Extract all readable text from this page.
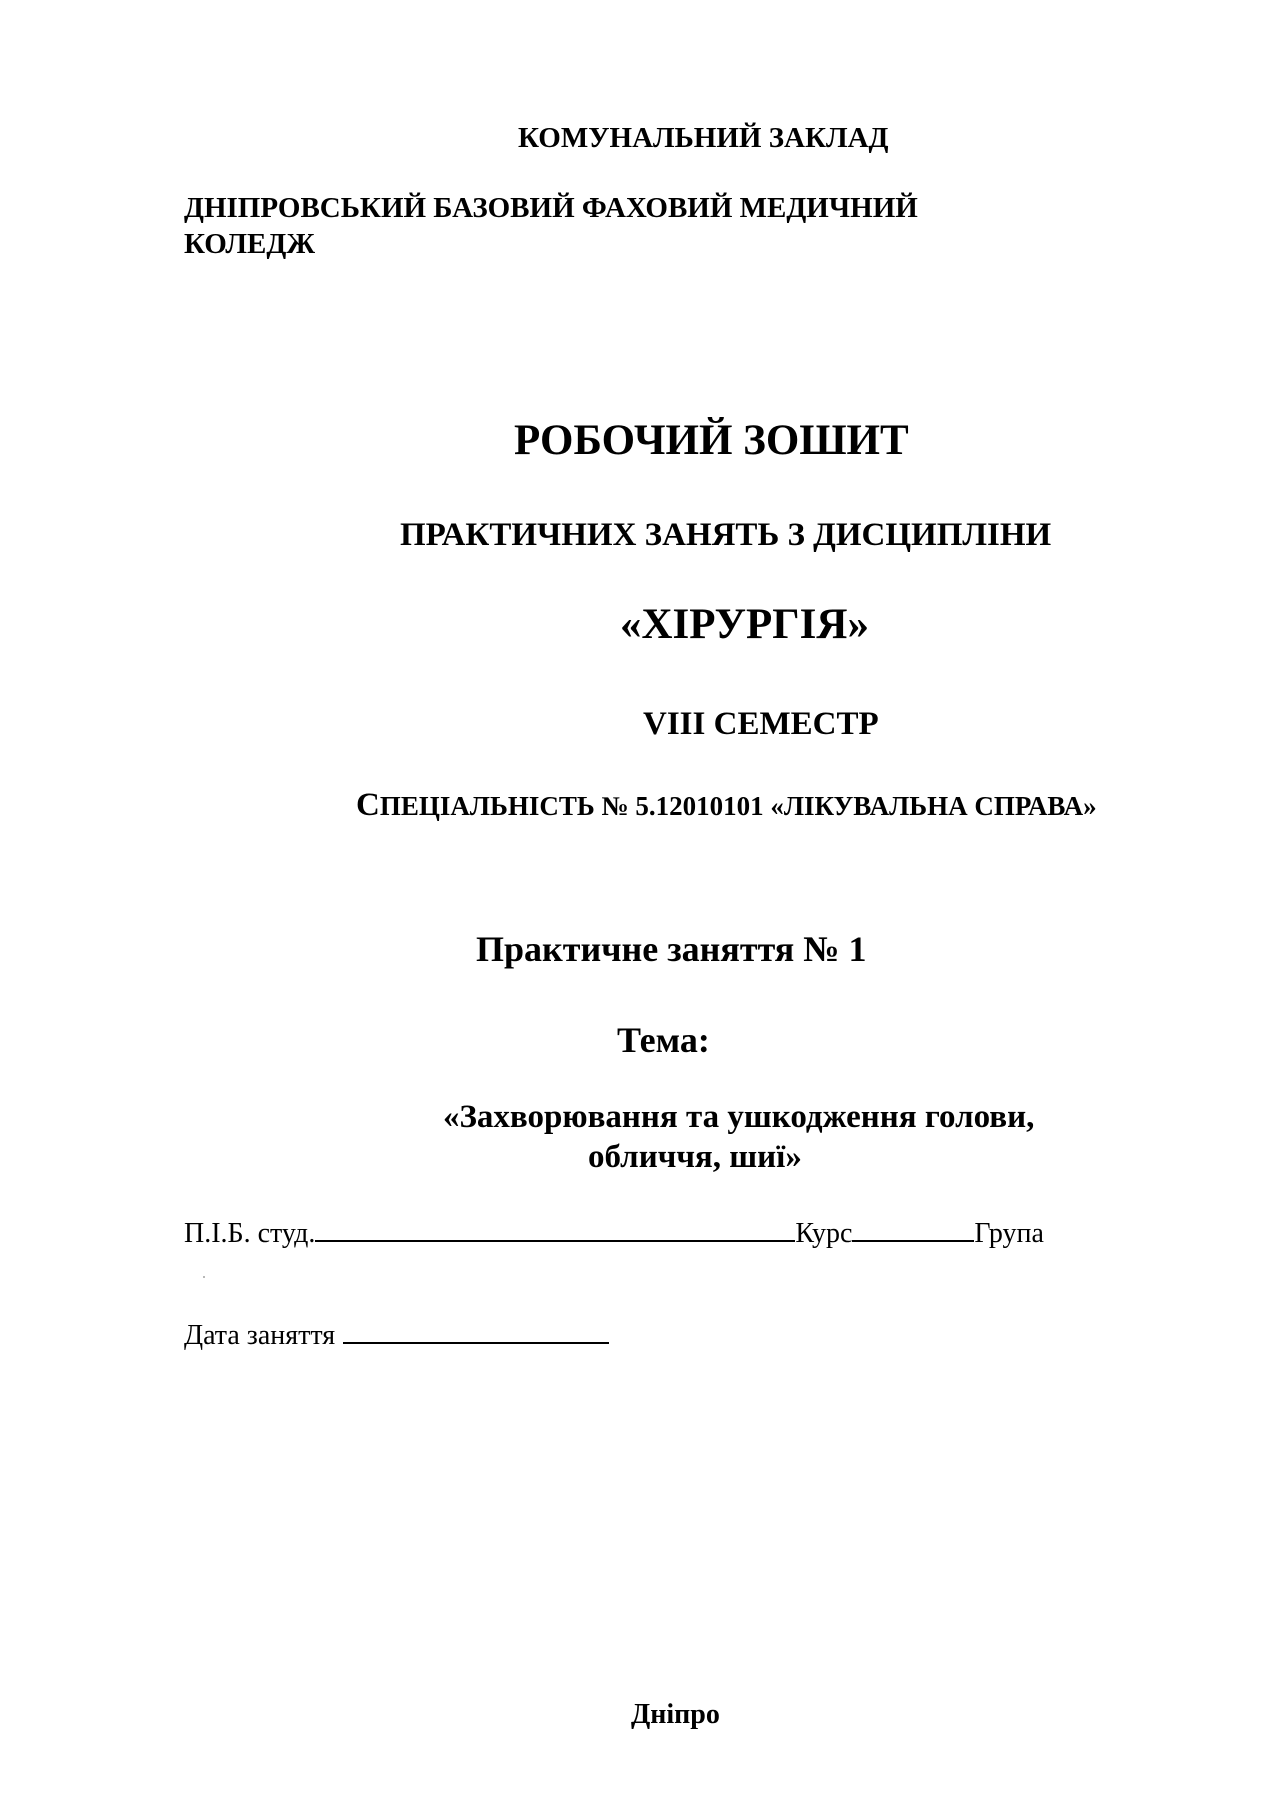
КОМУНАЛЬНИЙ ЗАКЛАД
ДНІПРОВСЬКИЙ БАЗОВИЙ ФАХОВИЙ МЕДИЧНИЙ
КОЛЕДЖ
РОБОЧИЙ ЗОШИТ
ПРАКТИЧНИХ ЗАНЯТЬ З ДИСЦИПЛІНИ
«ХІРУРГІЯ»
VIII СЕМЕСТР
СПЕЦІАЛЬНІСТЬ № 5.12010101 «ЛІКУВАЛЬНА СПРАВА»
Практичне заняття № 1
Тема:
«Захворювання та ушкодження голови,
обличчя, шиї»
П.І.Б. студ.	Курс	Група
Дата заняття
Дніпро
